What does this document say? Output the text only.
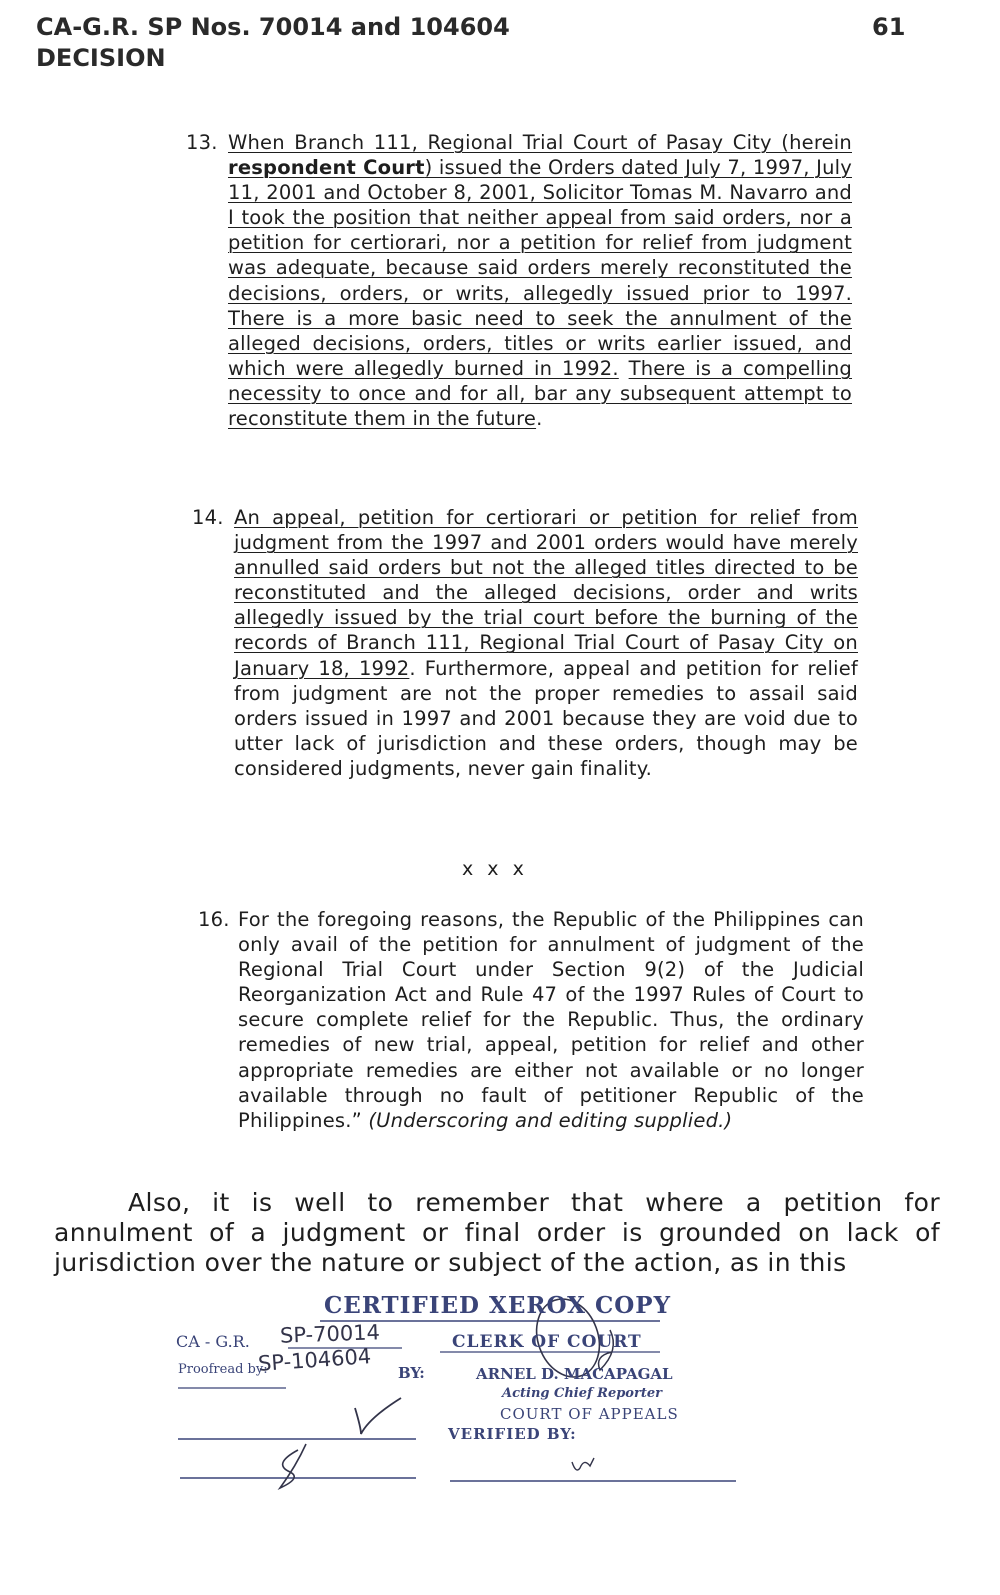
CA-G.R. SP Nos. 70014 and 104604
DECISION
61
13. When Branch 111, Regional Trial Court of Pasay City (herein respondent Court) issued the Orders dated July 7, 1997, July 11, 2001 and October 8, 2001, Solicitor Tomas M. Navarro and I took the position that neither appeal from said orders, nor a petition for certiorari, nor a petition for relief from judgment was adequate, because said orders merely reconstituted the decisions, orders, or writs, allegedly issued prior to 1997. There is a more basic need to seek the annulment of the alleged decisions, orders, titles or writs earlier issued, and which were allegedly burned in 1992. There is a compelling necessity to once and for all, bar any subsequent attempt to reconstitute them in the future.
14. An appeal, petition for certiorari or petition for relief from judgment from the 1997 and 2001 orders would have merely annulled said orders but not the alleged titles directed to be reconstituted and the alleged decisions, order and writs allegedly issued by the trial court before the burning of the records of Branch 111, Regional Trial Court of Pasay City on January 18, 1992. Furthermore, appeal and petition for relief from judgment are not the proper remedies to assail said orders issued in 1997 and 2001 because they are void due to utter lack of jurisdiction and these orders, though may be considered judgments, never gain finality.
x x x
16. For the foregoing reasons, the Republic of the Philippines can only avail of the petition for annulment of judgment of the Regional Trial Court under Section 9(2) of the Judicial Reorganization Act and Rule 47 of the 1997 Rules of Court to secure complete relief for the Republic. Thus, the ordinary remedies of new trial, appeal, petition for relief and other appropriate remedies are either not available or no longer available through no fault of petitioner Republic of the Philippines.” (Underscoring and editing supplied.)
Also, it is well to remember that where a petition for annulment of a judgment or final order is grounded on lack of jurisdiction over the nature or subject of the action, as in this
CERTIFIED XEROX COPY
CA - G.R. SP-70014
SP-104604
CLERK OF COURT
Proofread by:	BY:	ARNEL D. MACAPAGAL
Acting Chief Reporter
COURT OF APPEALS
VERIFIED BY:
